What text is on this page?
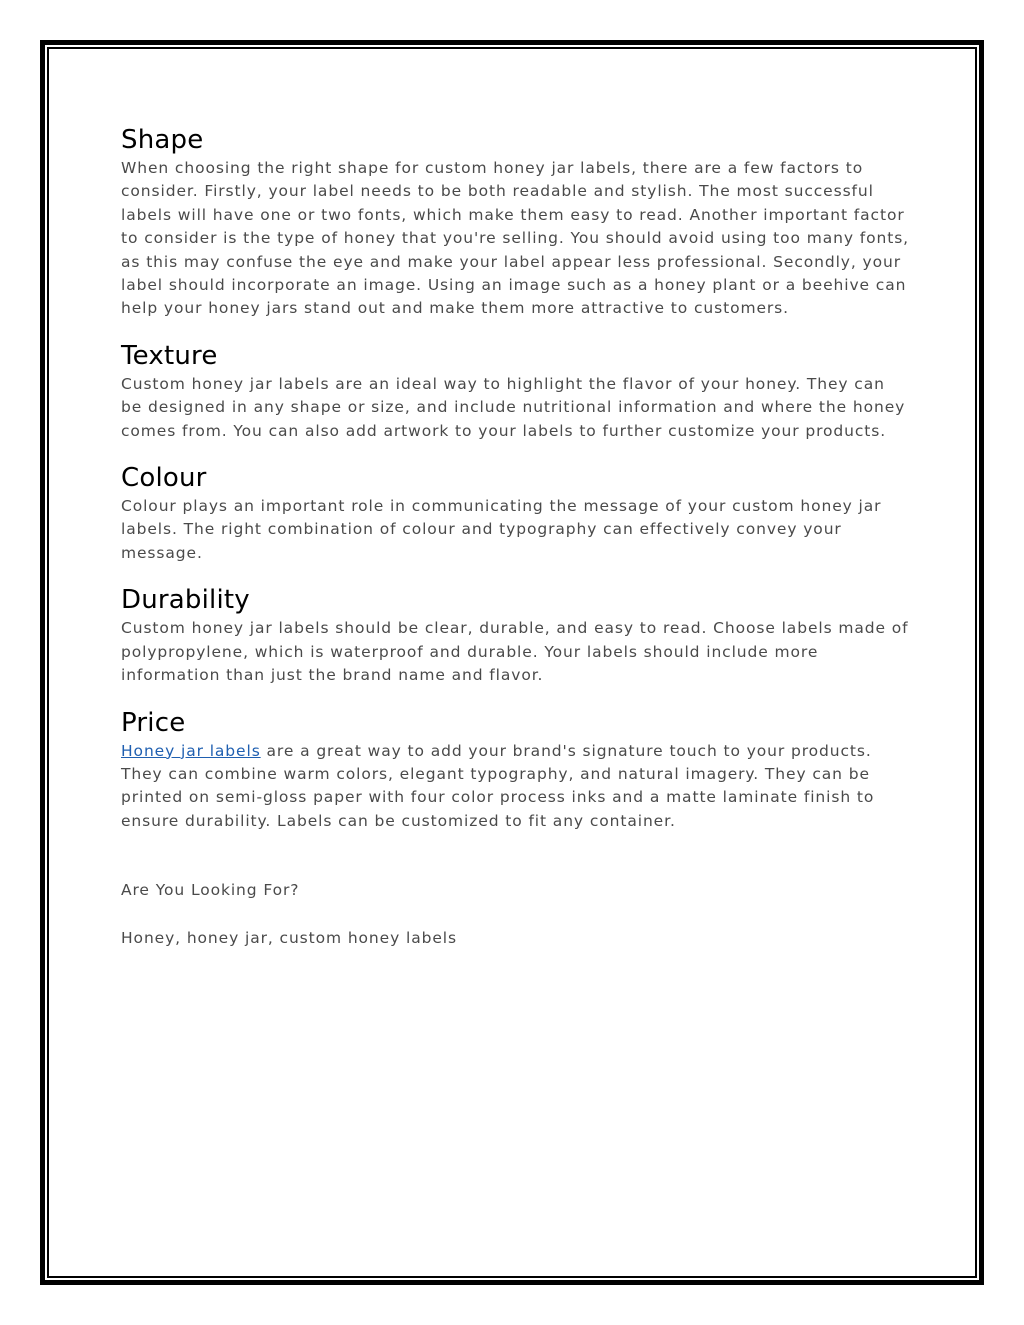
Shape

When choosing the right shape for custom honey jar labels, there are a few factors to consider. Firstly, your label needs to be both readable and stylish. The most successful labels will have one or two fonts, which make them easy to read. Another important factor to consider is the type of honey that you're selling. You should avoid using too many fonts, as this may confuse the eye and make your label appear less professional. Secondly, your label should incorporate an image. Using an image such as a honey plant or a beehive can help your honey jars stand out and make them more attractive to customers.

Texture

Custom honey jar labels are an ideal way to highlight the flavor of your honey. They can be designed in any shape or size, and include nutritional information and where the honey comes from. You can also add artwork to your labels to further customize your products.

Colour

Colour plays an important role in communicating the message of your custom honey jar labels. The right combination of colour and typography can effectively convey your message.

Durability

Custom honey jar labels should be clear, durable, and easy to read. Choose labels made of polypropylene, which is waterproof and durable. Your labels should include more information than just the brand name and flavor.

Price

Honey jar labels are a great way to add your brand's signature touch to your products. They can combine warm colors, elegant typography, and natural imagery. They can be printed on semi-gloss paper with four color process inks and a matte laminate finish to ensure durability. Labels can be customized to fit any container.

Are You Looking For?

Honey, honey jar, custom honey labels
